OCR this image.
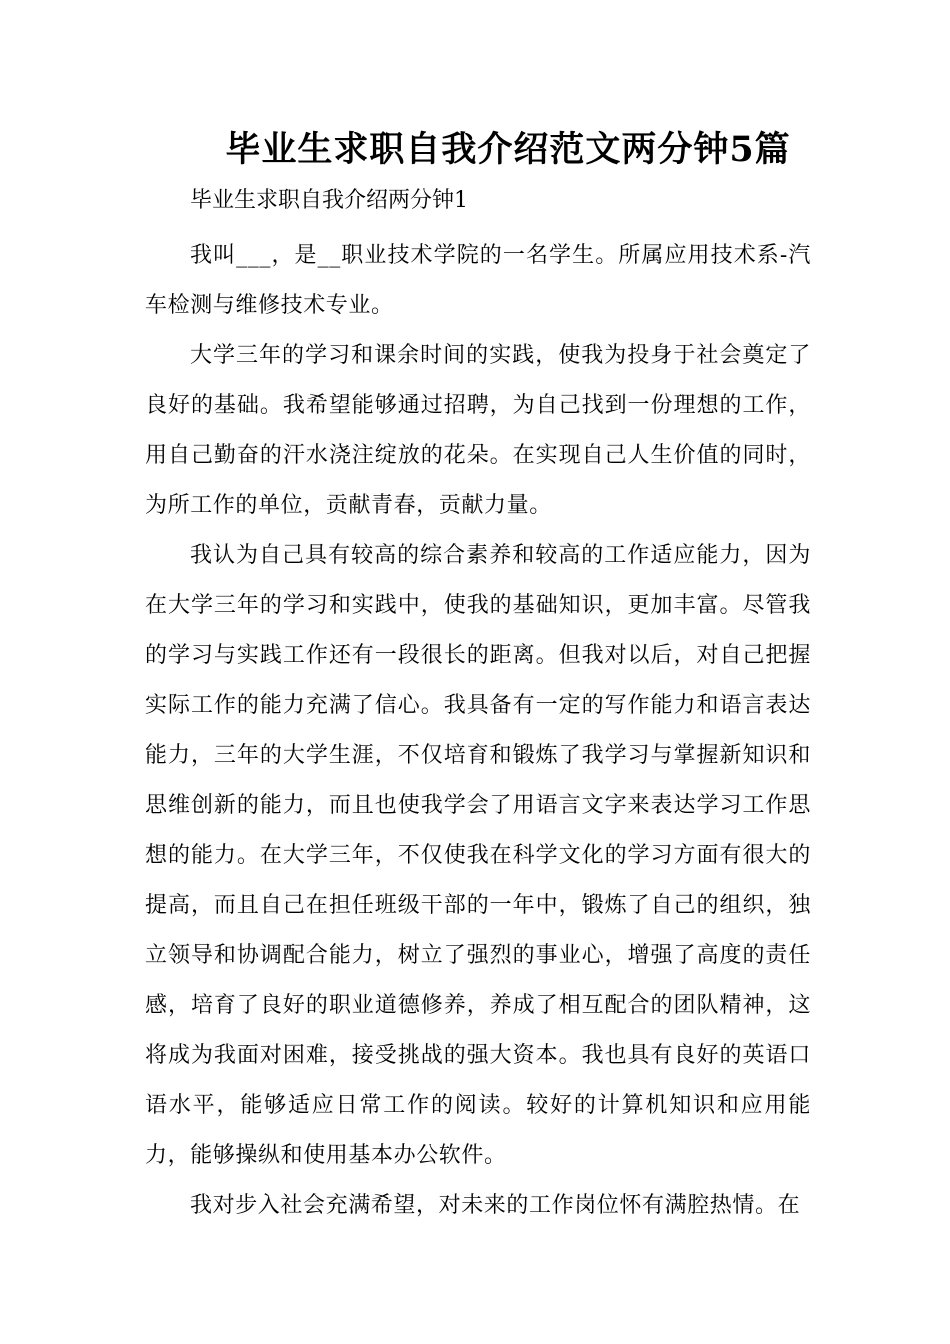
毕业生求职自我介绍范文两分钟5篇
毕业生求职自我介绍两分钟1

我叫___，是__职业技术学院的一名学生。所属应用技术系-汽车检测与维修技术专业。

大学三年的学习和课余时间的实践，使我为投身于社会奠定了良好的基础。我希望能够通过招聘，为自己找到一份理想的工作，用自己勤奋的汗水浇注绽放的花朵。在实现自己人生价值的同时，为所工作的单位，贡献青春，贡献力量。

我认为自己具有较高的综合素养和较高的工作适应能力，因为在大学三年的学习和实践中，使我的基础知识，更加丰富。尽管我的学习与实践工作还有一段很长的距离。但我对以后，对自己把握实际工作的能力充满了信心。我具备有一定的写作能力和语言表达能力，三年的大学生涯，不仅培育和锻炼了我学习与掌握新知识和思维创新的能力，而且也使我学会了用语言文字来表达学习工作思想的能力。在大学三年，不仅使我在科学文化的学习方面有很大的提高，而且自己在担任班级干部的一年中，锻炼了自己的组织，独立领导和协调配合能力，树立了强烈的事业心，增强了高度的责任感，培育了良好的职业道德修养，养成了相互配合的团队精神，这将成为我面对困难，接受挑战的强大资本。我也具有良好的英语口语水平，能够适应日常工作的阅读。较好的计算机知识和应用能力，能够操纵和使用基本办公软件。

我对步入社会充满希望，对未来的工作岗位怀有满腔热情。在
